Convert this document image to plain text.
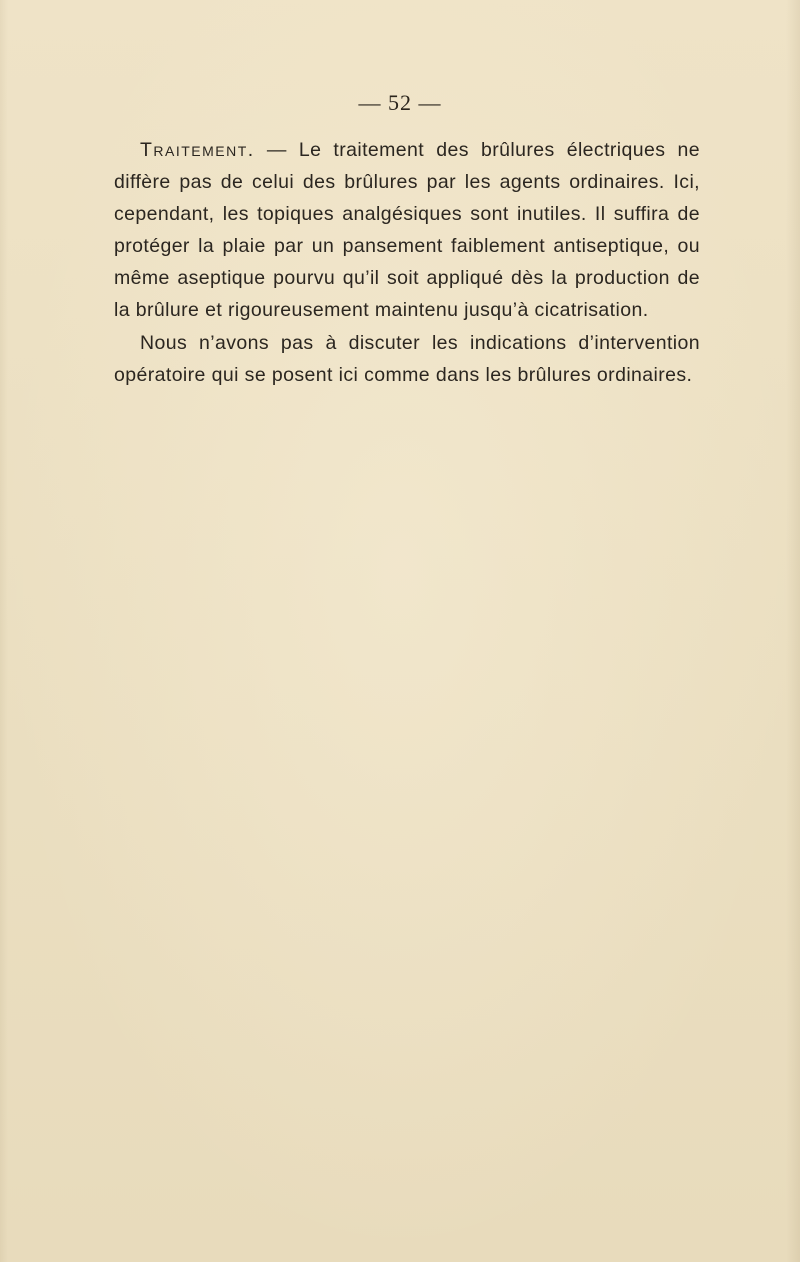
— 52 —

Traitement. — Le traitement des brûlures électriques ne diffère pas de celui des brûlures par les agents ordinaires. Ici, cependant, les topiques analgésiques sont inutiles. Il suffira de protéger la plaie par un pansement faiblement antiseptique, ou même aseptique pourvu qu’il soit appliqué dès la production de la brûlure et rigoureusement maintenu jusqu’à cicatrisation.

Nous n’avons pas à discuter les indications d’intervention opératoire qui se posent ici comme dans les brûlures ordinaires.
